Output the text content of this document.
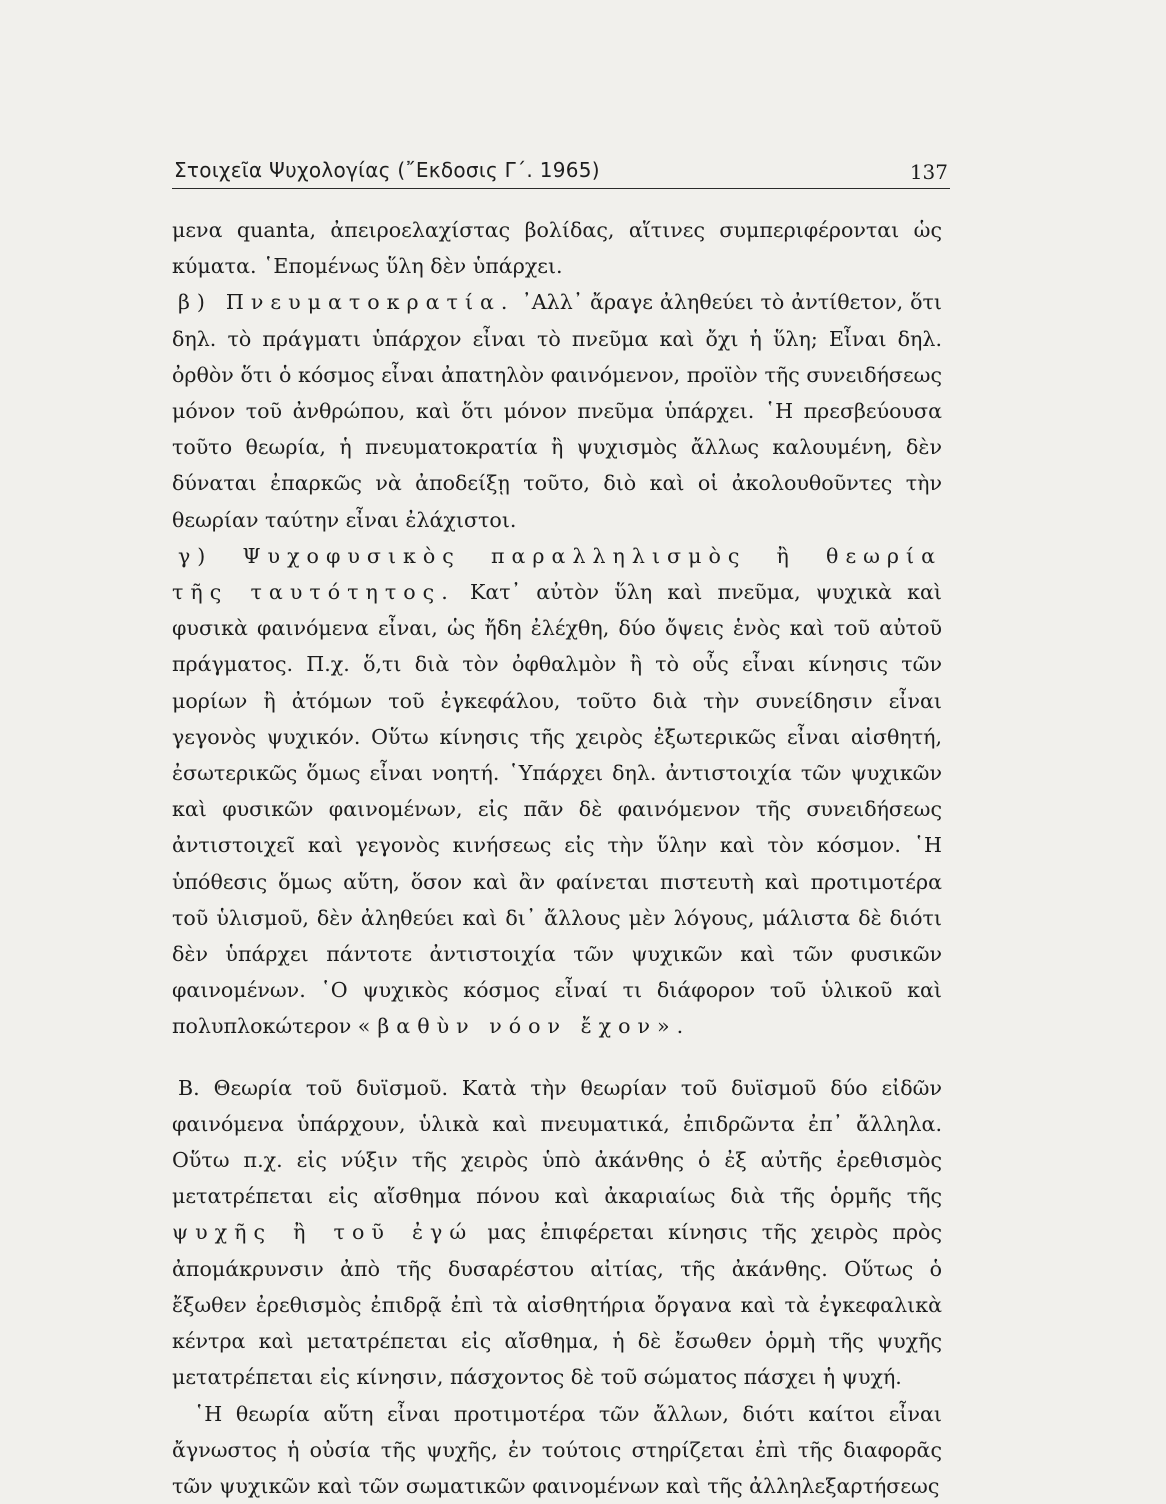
Στοιχεῖα Ψυχολογίας (῎Εκδοσις Γ΄. 1965)	137

μενα quanta, ἀπειροελαχίστας βολίδας, αἵτινες συμπεριφέρονται ὡς κύματα. ῾Επομένως ὕλη δὲν ὑπάρχει.

β) Πνευματοκρατία. ᾿Αλλ᾿ ἄραγε ἀληθεύει τὸ ἀντίθετον, ὅτι δηλ. τὸ πράγματι ὑπάρχον εἶναι τὸ πνεῦμα καὶ ὄχι ἡ ὕλη; Εἶναι δηλ. ὀρθὸν ὅτι ὁ κόσμος εἶναι ἀπατηλὸν φαινόμενον, προϊὸν τῆς συνειδήσεως μόνον τοῦ ἀνθρώπου, καὶ ὅτι μόνον πνεῦμα ὑπάρχει. ῾Η πρεσβεύουσα τοῦτο θεωρία, ἡ πνευματοκρατία ἢ ψυχισμὸς ἄλλως καλουμένη, δὲν δύναται ἐπαρκῶς νὰ ἀποδείξῃ τοῦτο, διὸ καὶ οἱ ἀκολουθοῦντες τὴν θεωρίαν ταύτην εἶναι ἐλάχιστοι.

γ) Ψυχοφυσικὸς παραλληλισμὸς ἢ θεωρία τῆς ταυτότητος. Κατ᾿ αὐτὸν ὕλη καὶ πνεῦμα, ψυχικὰ καὶ φυσικὰ φαινόμενα εἶναι, ὡς ἤδη ἐλέχθη, δύο ὄψεις ἑνὸς καὶ τοῦ αὐτοῦ πράγματος. Π.χ. ὅ,τι διὰ τὸν ὀφθαλμὸν ἢ τὸ οὖς εἶναι κίνησις τῶν μορίων ἢ ἀτόμων τοῦ ἐγκεφάλου, τοῦτο διὰ τὴν συνείδησιν εἶναι γεγονὸς ψυχικόν. Οὕτω κίνησις τῆς χειρὸς ἐξωτερικῶς εἶναι αἰσθητή, ἐσωτερικῶς ὅμως εἶναι νοητή. ῾Υπάρχει δηλ. ἀντιστοιχία τῶν ψυχικῶν καὶ φυσικῶν φαινομένων, εἰς πᾶν δὲ φαινόμενον τῆς συνειδήσεως ἀντιστοιχεῖ καὶ γεγονὸς κινήσεως εἰς τὴν ὕλην καὶ τὸν κόσμον. ῾Η ὑπόθεσις ὅμως αὕτη, ὅσον καὶ ἂν φαίνεται πιστευτὴ καὶ προτιμοτέρα τοῦ ὑλισμοῦ, δὲν ἀληθεύει καὶ δι᾿ ἄλλους μὲν λόγους, μάλιστα δὲ διότι δὲν ὑπάρχει πάντοτε ἀντιστοιχία τῶν ψυχικῶν καὶ τῶν φυσικῶν φαινομένων. ῾Ο ψυχικὸς κόσμος εἶναί τι διάφορον τοῦ ὑλικοῦ καὶ πολυπλοκώτερον «βαθὺν νόον ἔχον».

Β. Θεωρία τοῦ δυϊσμοῦ. Κατὰ τὴν θεωρίαν τοῦ δυϊσμοῦ δύο εἰδῶν φαινόμενα ὑπάρχουν, ὑλικὰ καὶ πνευματικά, ἐπιδρῶντα ἐπ᾿ ἄλληλα. Οὕτω π.χ. εἰς νύξιν τῆς χειρὸς ὑπὸ ἀκάνθης ὁ ἐξ αὐτῆς ἐρεθισμὸς μετατρέπεται εἰς αἴσθημα πόνου καὶ ἀκαριαίως διὰ τῆς ὁρμῆς τῆς ψυχῆς ἢ τοῦ ἐγώ μας ἐπιφέρεται κίνησις τῆς χειρὸς πρὸς ἀπομάκρυνσιν ἀπὸ τῆς δυσαρέστου αἰτίας, τῆς ἀκάνθης. Οὕτως ὁ ἔξωθεν ἐρεθισμὸς ἐπιδρᾷ ἐπὶ τὰ αἰσθητήρια ὄργανα καὶ τὰ ἐγκεφαλικὰ κέντρα καὶ μετατρέπεται εἰς αἴσθημα, ἡ δὲ ἔσωθεν ὁρμὴ τῆς ψυχῆς μετατρέπεται εἰς κίνησιν, πάσχοντος δὲ τοῦ σώματος πάσχει ἡ ψυχή.

῾Η θεωρία αὕτη εἶναι προτιμοτέρα τῶν ἄλλων, διότι καίτοι εἶναι ἄγνωστος ἡ οὐσία τῆς ψυχῆς, ἐν τούτοις στηρίζεται ἐπὶ τῆς διαφορᾶς τῶν ψυχικῶν καὶ τῶν σωματικῶν φαινομένων καὶ τῆς ἀλληλεξαρτήσεως
